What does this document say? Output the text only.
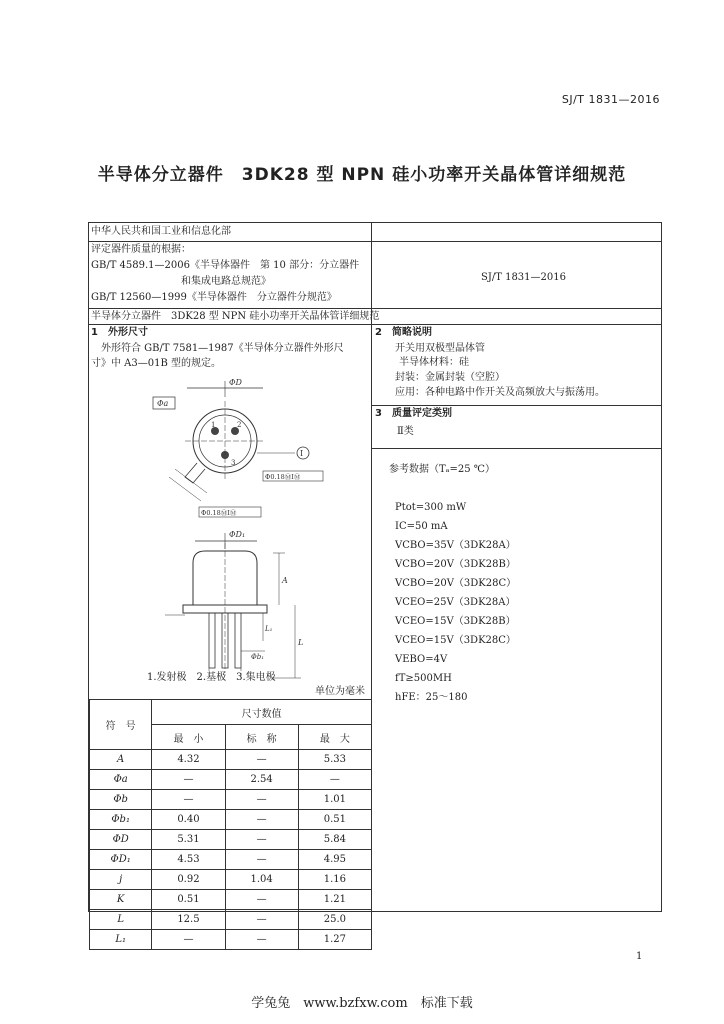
SJ/T 1831—2016
半导体分立器件　3DK28 型 NPN 硅小功率开关晶体管详细规范
中华人民共和国工业和信息化部
评定器件质量的根据：
GB/T 4589.1—2006《半导体器件　第 10 部分：分立器件
　　　　　　　　　和集成电路总规范》
GB/T 12560—1999《半导体器件　分立器件分规范》
SJ/T 1831—2016
半导体分立器件　3DK28 型 NPN 硅小功率开关晶体管详细规范
1　外形尺寸
外形符合 GB/T 7581—1987《半导体分立器件外形尺
寸》中 A3—01B 型的规定。
ΦD
Φa
1	2
3
Ⅰ
Φ0.18ⓂⅠⓂ
Φ0.18ⓂⅠⓂ
ΦD₁
A
L
L₁
Φb₁
1.发射极　2.基极　3.集电极
单位为毫米
符　号	尺寸数值		
	最　小	标　称	最　大
A	4.32	—	5.33
Φa	—	2.54	—
Φb	—	—	1.01
Φb₁	0.40	—	0.51
ΦD	5.31	—	5.84
ΦD₁	4.53	—	4.95
j	0.92	1.04	1.16
K	0.51	—	1.21
L	12.5	—	25.0
L₁	—	—	1.27
2　简略说明
开关用双极型晶体管
半导体材料：硅
封装：金属封装（空腔）
应用：各种电路中作开关及高频放大与振荡用。
3　质量评定类别
Ⅱ类
参考数据（Tₐ=25 ℃）
Ptot=300 mW
IC=50 mA
VCBO=35V（3DK28A）
VCBO=20V（3DK28B）
VCBO=20V（3DK28C）
VCEO=25V（3DK28A）
VCEO=15V（3DK28B）
VCEO=15V（3DK28C）
VEBO=4V
fT≥500MH
hFE：25～180
1
学兔兔　www.bzfxw.com　标准下载
